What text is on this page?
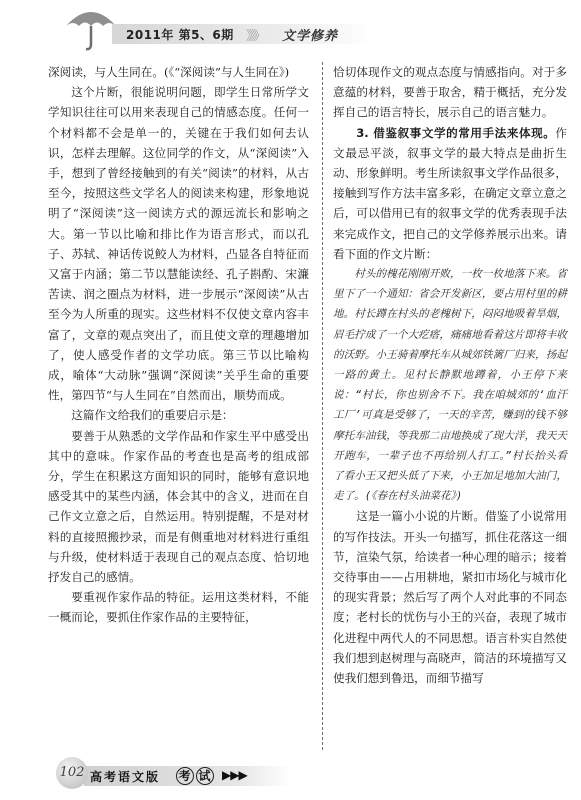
2011年 第5、6期 》》》 文学修养

深阅读，与人生同在。(《“深阅读”与人生同在》)

这个片断，很能说明问题，即学生日常所学文学知识往往可以用来表现自己的情感态度。任何一个材料都不会是单一的，关键在于我们如何去认识，怎样去理解。这位同学的作文，从“深阅读”入手，想到了曾经接触到的有关“阅读”的材料，从古至今，按照这些文学名人的阅读来构建，形象地说明了“深阅读”这一阅读方式的源远流长和影响之大。第一节以比喻和排比作为语言形式，而以孔子、苏轼、神话传说鲛人为材料，凸显各自特征而又富于内涵；第二节以慧能读经、孔子斟酌、宋濂苦读、润之圈点为材料，进一步展示“深阅读”从古至今为人所重的现实。这些材料不仅使文章内容丰富了，文章的观点突出了，而且使文章的理趣增加了，使人感受作者的文学功底。第三节以比喻构成，喻体“大动脉”强调“深阅读”关乎生命的重要性，第四节“与人生同在”自然而出，顺势而成。

这篇作文给我们的重要启示是：

要善于从熟悉的文学作品和作家生平中感受出其中的意味。作家作品的考查也是高考的组成部分，学生在积累这方面知识的同时，能够有意识地感受其中的某些内涵，体会其中的含义，进而在自己作文立意之后，自然运用。特别提醒，不是对材料的直接照搬抄录，而是有侧重地对材料进行重组与升级，使材料适于表现自己的观点态度、恰切地抒发自己的感情。

要重视作家作品的特征。运用这类材料，不能一概而论，要抓住作家作品的主要特征，

恰切体现作文的观点态度与情感指向。对于多意蕴的材料，要善于取舍，精于概括，充分发挥自己的语言特长，展示自己的语言魅力。

3. 借鉴叙事文学的常用手法来体现。作文最忌平淡，叙事文学的最大特点是曲折生动、形象鲜明。考生所读叙事文学作品很多，接触到写作方法丰富多彩，在确定文章立意之后，可以借用已有的叙事文学的优秀表现手法来完成作文，把自己的文学修养展示出来。请看下面的作文片断：

村头的槐花刚刚开败，一枚一枚地落下来。省里下了一个通知：省会开发新区，要占用村里的耕地。村长蹲在村头的老槐树下，闷闷地吸着旱烟，眉毛拧成了一个大疙瘩，痛痛地看着这片即将丰收的沃野。小王骑着摩托车从城郊铁篱厂归来，扬起一路的黄土。见村长静默地蹲着，小王停下来说：“村长，你也别舍不下。我在咱城郊的‘血汗工厂’可真是受够了，一天的辛苦，赚到的钱不够摩托车油钱，等我那二亩地换成了现大洋，我天天开跑车，一辈子也不再给别人打工。”村长抬头看了看小王又把头低了下来，小王加足地加大油门，走了。(《春在村头油菜花》)

这是一篇小小说的片断。借鉴了小说常用的写作技法。开头一句描写，抓住花落这一细节，渲染气氛，给读者一种心理的暗示；接着交待事由——占用耕地，紧扣市场化与城市化的现实背景；然后写了两个人对此事的不同态度；老村长的忧伤与小王的兴奋，表现了城市化进程中两代人的不同思想。语言朴实自然使我们想到赵树理与高晓声，简洁的环境描写又使我们想到鲁迅，而细节描写

102 高考语文版 考 试 ▶▶▶
